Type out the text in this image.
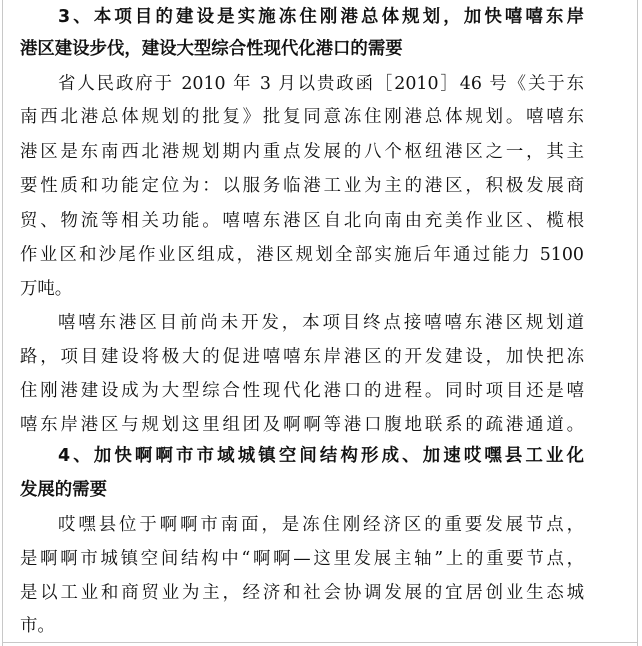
3、本项目的建设是实施冻住刚港总体规划，加快嘻嘻东岸
港区建设步伐，建设大型综合性现代化港口的需要
省人民政府于 2010 年 3 月以贵政函［2010］46 号《关于东
南西北港总体规划的批复》批复同意冻住刚港总体规划。嘻嘻东
港区是东南西北港规划期内重点发展的八个枢纽港区之一，其主
要性质和功能定位为：以服务临港工业为主的港区，积极发展商
贸、物流等相关功能。嘻嘻东港区自北向南由充美作业区、榄根
作业区和沙尾作业区组成，港区规划全部实施后年通过能力 5100
万吨。
嘻嘻东港区目前尚未开发，本项目终点接嘻嘻东港区规划道
路，项目建设将极大的促进嘻嘻东岸港区的开发建设，加快把冻
住刚港建设成为大型综合性现代化港口的进程。同时项目还是嘻
嘻东岸港区与规划这里组团及啊啊等港口腹地联系的疏港通道。
4、加快啊啊市市域城镇空间结构形成、加速哎嘿县工业化
发展的需要
哎嘿县位于啊啊市南面，是冻住刚经济区的重要发展节点，
是啊啊市城镇空间结构中“啊啊—这里发展主轴”上的重要节点，
是以工业和商贸业为主，经济和社会协调发展的宜居创业生态城
市。
